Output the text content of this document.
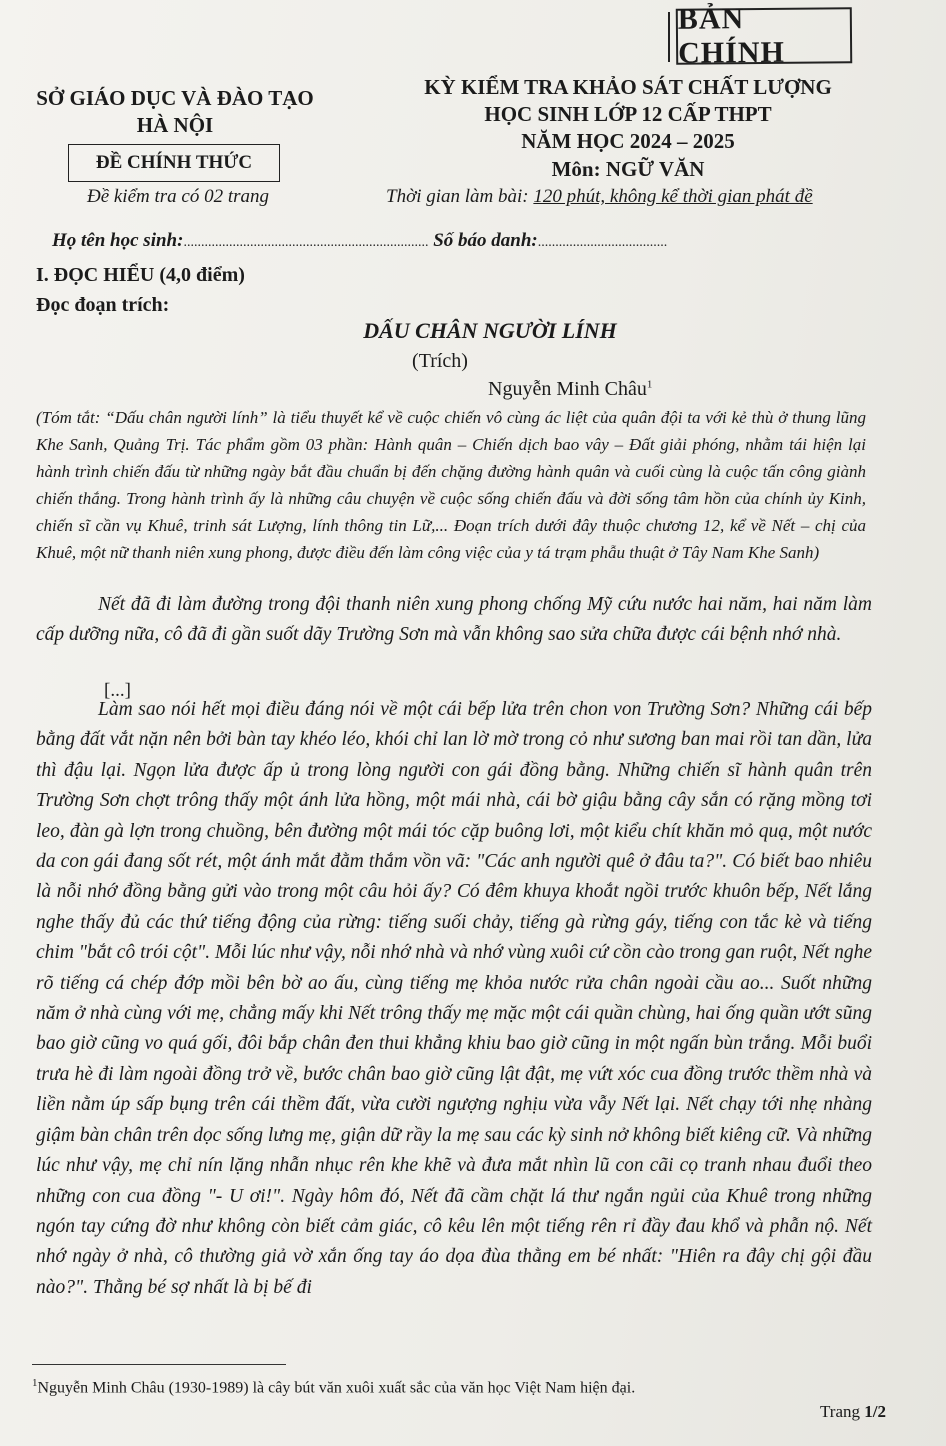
BẢN CHÍNH
SỞ GIÁO DỤC VÀ ĐÀO TẠO
HÀ NỘI
ĐỀ CHÍNH THỨC
Đề kiểm tra có 02 trang
KỲ KIỂM TRA KHẢO SÁT CHẤT LƯỢNG
HỌC SINH LỚP 12 CẤP THPT
NĂM HỌC 2024 – 2025
Môn: NGỮ VĂN
Thời gian làm bài: 120 phút, không kể thời gian phát đề
Họ tên học sinh:...................................................................... Số báo danh:.....................................
I. ĐỌC HIỂU (4,0 điểm)
Đọc đoạn trích:
DẤU CHÂN NGƯỜI LÍNH
(Trích)
Nguyễn Minh Châu$^1$
(Tóm tắt: “Dấu chân người lính” là tiểu thuyết kể về cuộc chiến vô cùng ác liệt của quân đội ta với kẻ thù ở thung lũng Khe Sanh, Quảng Trị. Tác phẩm gồm 03 phần: Hành quân – Chiến dịch bao vây – Đất giải phóng, nhằm tái hiện lại hành trình chiến đấu từ những ngày bắt đầu chuẩn bị đến chặng đường hành quân và cuối cùng là cuộc tấn công giành chiến thắng. Trong hành trình ấy là những câu chuyện về cuộc sống chiến đấu và đời sống tâm hồn của chính ủy Kinh, chiến sĩ cần vụ Khuê, trinh sát Lượng, lính thông tin Lữ,... Đoạn trích dưới đây thuộc chương 12, kể về Nết – chị của Khuê, một nữ thanh niên xung phong, được điều đến làm công việc của y tá trạm phẫu thuật ở Tây Nam Khe Sanh)
Nết đã đi làm đường trong đội thanh niên xung phong chống Mỹ cứu nước hai năm, hai năm làm cấp dưỡng nữa, cô đã đi gần suốt dãy Trường Sơn mà vẫn không sao sửa chữa được cái bệnh nhớ nhà.
[...]
Làm sao nói hết mọi điều đáng nói về một cái bếp lửa trên chon von Trường Sơn? Những cái bếp bằng đất vắt nặn nên bởi bàn tay khéo léo, khói chỉ lan lờ mờ trong cỏ như sương ban mai rồi tan dần, lửa thì đậu lại. Ngọn lửa được ấp ủ trong lòng người con gái đồng bằng. Những chiến sĩ hành quân trên Trường Sơn chợt trông thấy một ánh lửa hồng, một mái nhà, cái bờ giậu bằng cây sắn có rặng mồng tơi leo, đàn gà lợn trong chuồng, bên đường một mái tóc cặp buông lơi, một kiểu chít khăn mỏ quạ, một nước da con gái đang sốt rét, một ánh mắt đằm thắm vồn vã: "Các anh người quê ở đâu ta?". Có biết bao nhiêu là nỗi nhớ đồng bằng gửi vào trong một câu hỏi ấy? Có đêm khuya khoắt ngồi trước khuôn bếp, Nết lắng nghe thấy đủ các thứ tiếng động của rừng: tiếng suối chảy, tiếng gà rừng gáy, tiếng con tắc kè và tiếng chim "bắt cô trói cột". Mỗi lúc như vậy, nỗi nhớ nhà và nhớ vùng xuôi cứ cồn cào trong gan ruột, Nết nghe rõ tiếng cá chép đớp mồi bên bờ ao ấu, cùng tiếng mẹ khỏa nước rửa chân ngoài cầu ao... Suốt những năm ở nhà cùng với mẹ, chẳng mấy khi Nết trông thấy mẹ mặc một cái quần chùng, hai ống quần ướt sũng bao giờ cũng vo quá gối, đôi bắp chân đen thui khẳng khiu bao giờ cũng in một ngấn bùn trắng. Mỗi buổi trưa hè đi làm ngoài đồng trở về, bước chân bao giờ cũng lật đật, mẹ vứt xóc cua đồng trước thềm nhà và liền nằm úp sấp bụng trên cái thềm đất, vừa cười ngượng nghịu vừa vẫy Nết lại. Nết chạy tới nhẹ nhàng giậm bàn chân trên dọc sống lưng mẹ, giận dữ rầy la mẹ sau các kỳ sinh nở không biết kiêng cữ. Và những lúc như vậy, mẹ chỉ nín lặng nhẫn nhục rên khe khẽ và đưa mắt nhìn lũ con cãi cọ tranh nhau đuổi theo những con cua đồng "- U ơi!". Ngày hôm đó, Nết đã cầm chặt lá thư ngắn ngủi của Khuê trong những ngón tay cứng đờ như không còn biết cảm giác, cô kêu lên một tiếng rên rỉ đầy đau khổ và phẫn nộ. Nết nhớ ngày ở nhà, cô thường giả vờ xắn ống tay áo dọa đùa thằng em bé nhất: "Hiên ra đây chị gội đầu nào?". Thằng bé sợ nhất là bị bế đi
$^1$Nguyễn Minh Châu (1930-1989) là cây bút văn xuôi xuất sắc của văn học Việt Nam hiện đại.
Trang 1/2
